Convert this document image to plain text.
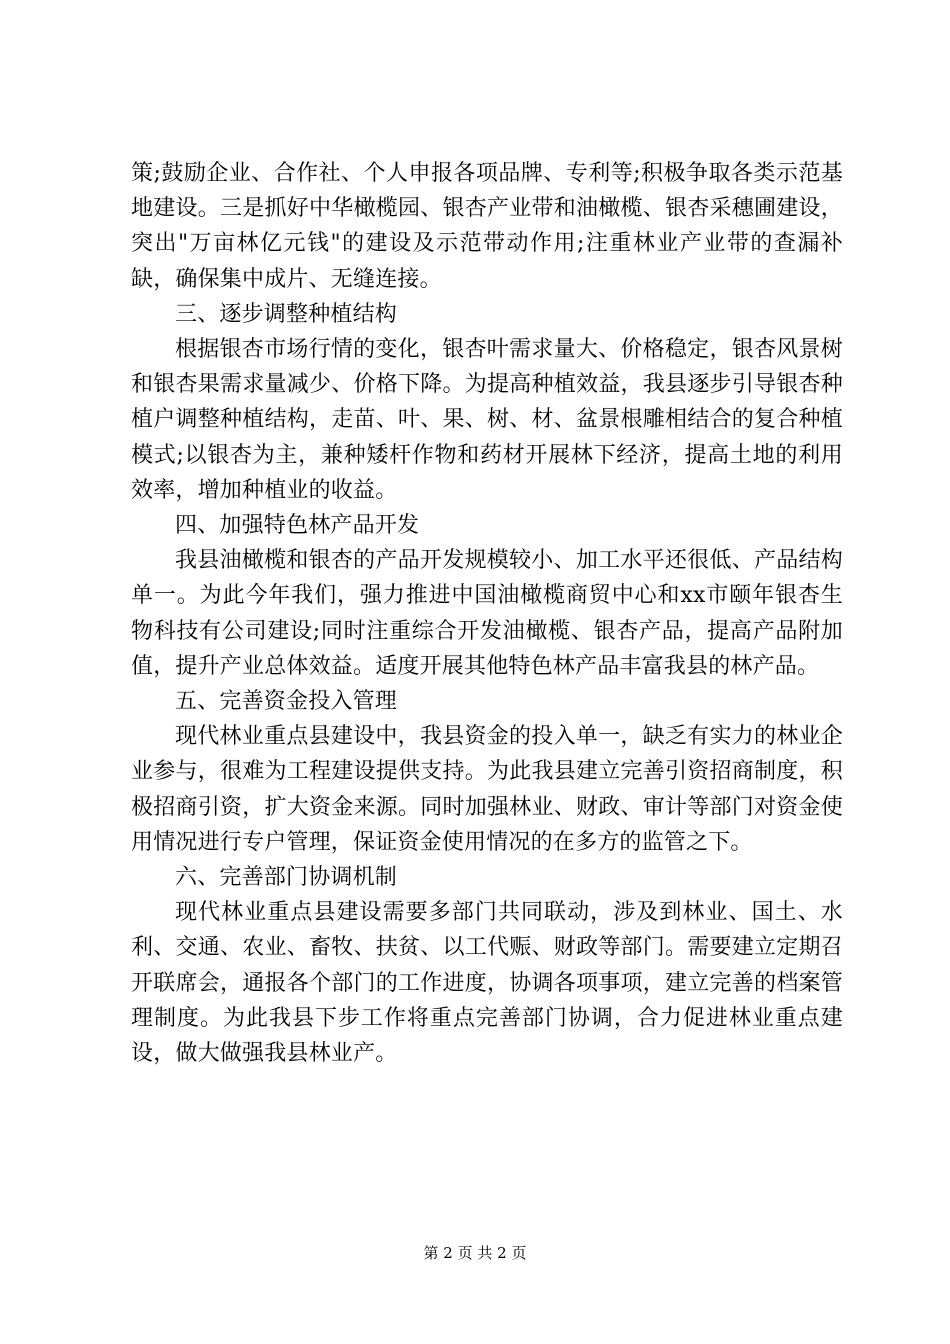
策;鼓励企业、合作社、个人申报各项品牌、专利等;积极争取各类示范基地建设。三是抓好中华橄榄园、银杏产业带和油橄榄、银杏采穗圃建设，突出"万亩林亿元钱"的建设及示范带动作用;注重林业产业带的查漏补缺，确保集中成片、无缝连接。

三、逐步调整种植结构

根据银杏市场行情的变化，银杏叶需求量大、价格稳定，银杏风景树和银杏果需求量减少、价格下降。为提高种植效益，我县逐步引导银杏种植户调整种植结构，走苗、叶、果、树、材、盆景根雕相结合的复合种植模式;以银杏为主，兼种矮杆作物和药材开展林下经济，提高土地的利用效率，增加种植业的收益。

四、加强特色林产品开发

我县油橄榄和银杏的产品开发规模较小、加工水平还很低、产品结构单一。为此今年我们，强力推进中国油橄榄商贸中心和xx市颐年银杏生物科技有公司建设;同时注重综合开发油橄榄、银杏产品，提高产品附加值，提升产业总体效益。适度开展其他特色林产品丰富我县的林产品。

五、完善资金投入管理

现代林业重点县建设中，我县资金的投入单一，缺乏有实力的林业企业参与，很难为工程建设提供支持。为此我县建立完善引资招商制度，积极招商引资，扩大资金来源。同时加强林业、财政、审计等部门对资金使用情况进行专户管理，保证资金使用情况的在多方的监管之下。

六、完善部门协调机制

现代林业重点县建设需要多部门共同联动，涉及到林业、国土、水利、交通、农业、畜牧、扶贫、以工代赈、财政等部门。需要建立定期召开联席会，通报各个部门的工作进度，协调各项事项，建立完善的档案管理制度。为此我县下步工作将重点完善部门协调，合力促进林业重点建设，做大做强我县林业产。

第 2 页 共 2 页
